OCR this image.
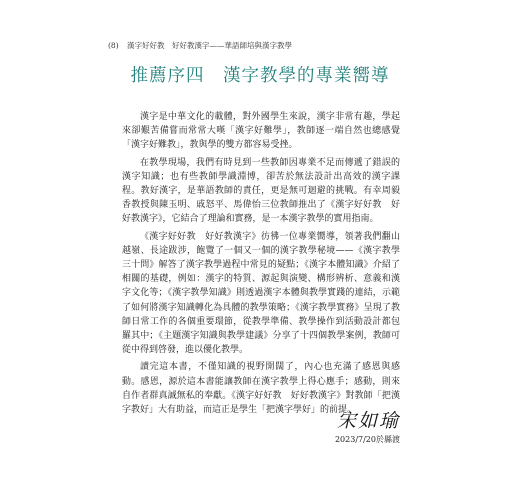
(8) 漢字好好教　好好教漢字——華語師培與漢字教學
推薦序四 漢字教學的專業嚮導

漢字是中華文化的載體，對外國學生來說，漢字非常有趣，學起來卻艱苦備嘗而常常大嘆「漢字好難學」，教師逐一端自然也總感覺「漢字好難教」，教與學的雙方都容易受挫。

在教學現場，我們有時見到一些教師因專業不足而傳遞了錯誤的漢字知識；也有些教師學識淵博，卻苦於無法設計出高效的漢字課程。教好漢字，是華語教師的責任，更是無可迴避的挑戰。有幸周毅香教授與陳玉明、戚怒平、馬偉怡三位教師推出了《漢字好好教　好好教漢字》，它結合了理論和實務，是一本漢字教學的實用指南。

《漢字好好教　好好教漢字》彷彿一位專業嚮導，領著我們翻山越嶺、長途跋涉，飽覽了一個又一個的漢字教學秘境——《漢字教學三十問》解答了漢字教學過程中常見的疑點；《漢字本體知識》介紹了相關的基礎，例如：漢字的特質、源起與演變、構形辨析、意義和漢字文化等；《漢字教學知識》則透過漢字本體與教學實踐的連結，示範了如何將漢字知識轉化為具體的教學策略；《漢字教學實務》呈現了教師日常工作的各個重要環節，從教學準備、教學操作到活動設計都包羅其中；《主題漢字知識與教學建議》分享了十四個教學案例，教師可從中得到啓發，進以優化教學。

讀完這本書，不僅知識的視野開闊了，內心也充滿了感恩與感動。感恩，源於這本書能讓教師在漢字教學上得心應手；感動，則來自作者群真誠無私的奉獻。《漢字好好教　好好教漢字》對教師「把漢字教好」大有助益，而這正是學生「把漢字學好」的前提。

宋如瑜
2023/7/20於縣渡
